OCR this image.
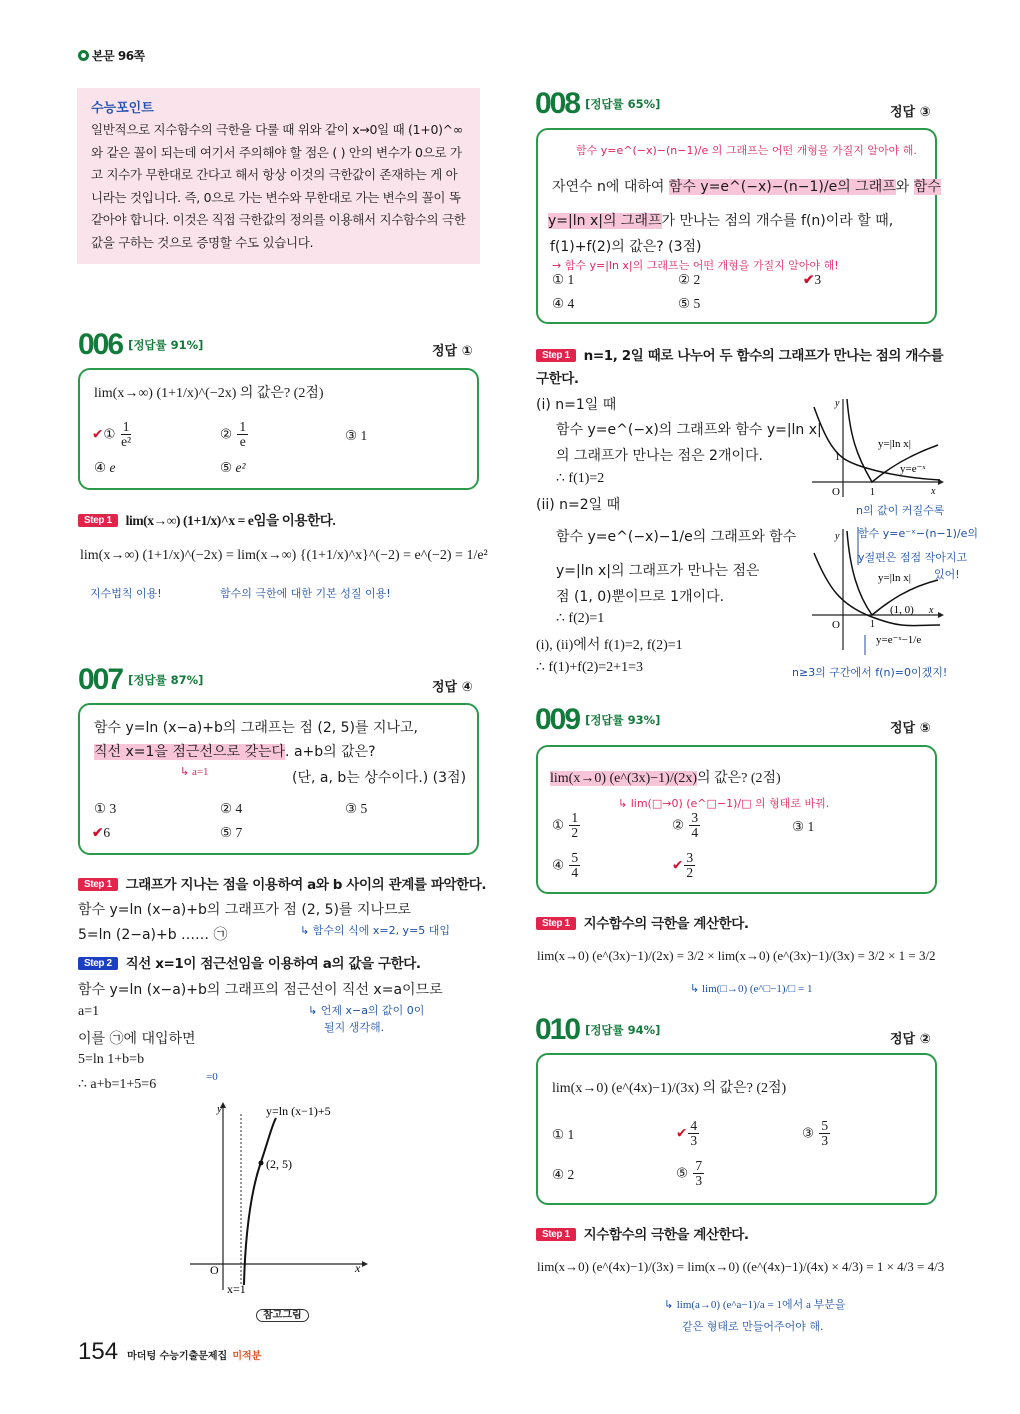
본문 96쪽
수능포인트
일반적으로 지수함수의 극한을 다룰 때 위와 같이 x→0일 때 (1+0)^∞ 와 같은 꼴이 되는데 여기서 주의해야 할 점은 ( ) 안의 변수가 0으로 가고 지수가 무한대로 간다고 해서 항상 이것의 극한값이 존재하는 게 아니라는 것입니다. 즉, 0으로 가는 변수와 무한대로 가는 변수의 꼴이 똑같아야 합니다. 이것은 직접 극한값의 정의를 이용해서 지수함수의 극한값을 구하는 것으로 증명할 수도 있습니다.
006 [정답률 91%]	정답 ①
lim(x→∞) (1+1/x)^(−2x) 의 값은? (2점)
✔① $\frac{1}{\text{e²}}$	② $\frac{1}{e}$	③ 1
④ e	⑤ e²
Step 1 lim(x→∞) (1+1/x)^x = e임을 이용한다.
lim(x→∞) (1+1/x)^(−2x) = lim(x→∞) {(1+1/x)^x}^(−2) = e^(−2) = 1/e²
지수법칙 이용!	함수의 극한에 대한 기본 성질 이용!
007 [정답률 87%]	정답 ④
함수 y=ln (x−a)+b의 그래프는 점 (2, 5)를 지나고,
직선 x=1을 점근선으로 갖는다. a+b의 값은?
↳ a=1	(단, a, b는 상수이다.) (3점)
① 3	② 4	③ 5
✔6	⑤ 7
Step 1 그래프가 지나는 점을 이용하여 a와 b 사이의 관계를 파악한다.
함수 y=ln (x−a)+b의 그래프가 점 (2, 5)를 지나므로
5=ln (2−a)+b …… ㉠	↳ 함수의 식에 x=2, y=5 대입
Step 2 직선 x=1이 점근선임을 이용하여 a의 값을 구한다.
함수 y=ln (x−a)+b의 그래프의 점근선이 직선 x=a이므로
a=1	↳ 언제 x−a의 값이 0이
될지 생각해.
이를 ㉠에 대입하면
5=ln 1+b=b
∴ a+b=1+5=6	=0
y
x
O
y=ln (x−1)+5
(2, 5)
x=1
참고그림
154 마더텅 수능기출문제집 미적분
008 [정답률 65%]
정답 ③
함수 y=e^(−x)−(n−1)/e 의 그래프는 어떤 개형을 가질지 알아야 해.
자연수 n에 대하여 함수 y=e^(−x)−(n−1)/e의 그래프와 함수
y=|ln x|의 그래프가 만나는 점의 개수를 f(n)이라 할 때,
f(1)+f(2)의 값은? (3점)
→ 함수 y=|ln x|의 그래프는 어떤 개형을 가질지 알아야 해!
① 1	② 2	✔3
④ 4	⑤ 5
Step 1 n=1, 2일 때로 나누어 두 함수의 그래프가 만나는 점의 개수를
구한다.
(i) n=1일 때
함수 y=e^(−x)의 그래프와 함수 y=|ln x|
의 그래프가 만나는 점은 2개이다.
∴ f(1)=2
(ii) n=2일 때
함수 y=e^(−x)−1/e의 그래프와 함수
y=|ln x|의 그래프가 만나는 점은
점 (1, 0)뿐이므로 1개이다.
∴ f(2)=1
(i), (ii)에서 f(1)=2, f(2)=1
∴ f(1)+f(2)=2+1=3
y
x
O	1
1
y=|ln x|
y=e⁻ˣ
n의 값이 커질수록
함수 y=e⁻ˣ−(n−1)/e의
y절편은 점점 작아지고
있어!
y
x
O	1
(1, 0)
y=|ln x|
y=e⁻ˣ−1/e
n≥3의 구간에서 f(n)=0이겠지!
009 [정답률 93%]
정답 ⑤
lim(x→0) (e^(3x)−1)/(2x)의 값은? (2점)
↳ lim(□→0) (e^□−1)/□ 의 형태로 바꿔.
① $\frac{1}{2}$	② $\frac{3}{4}$	③ 1
④ $\frac{5}{4}$	✔ $\frac{3}{2}$
Step 1 지수함수의 극한을 계산한다.
lim(x→0) (e^(3x)−1)/(2x) = 3/2 × lim(x→0) (e^(3x)−1)/(3x) = 3/2 × 1 = 3/2
↳ lim(□→0) (e^□−1)/□ = 1
010 [정답률 94%]
정답 ②
lim(x→0) (e^(4x)−1)/(3x) 의 값은? (2점)
① 1	✔ $\frac{4}{3}$	③ $\frac{5}{3}$
④ 2	⑤ $\frac{7}{3}$
Step 1 지수함수의 극한을 계산한다.
lim(x→0) (e^(4x)−1)/(3x) = lim(x→0) ((e^(4x)−1)/(4x) × 4/3) = 1 × 4/3 = 4/3
↳ lim(a→0) (e^a−1)/a = 1에서 a 부분을
같은 형태로 만들어주어야 해.
